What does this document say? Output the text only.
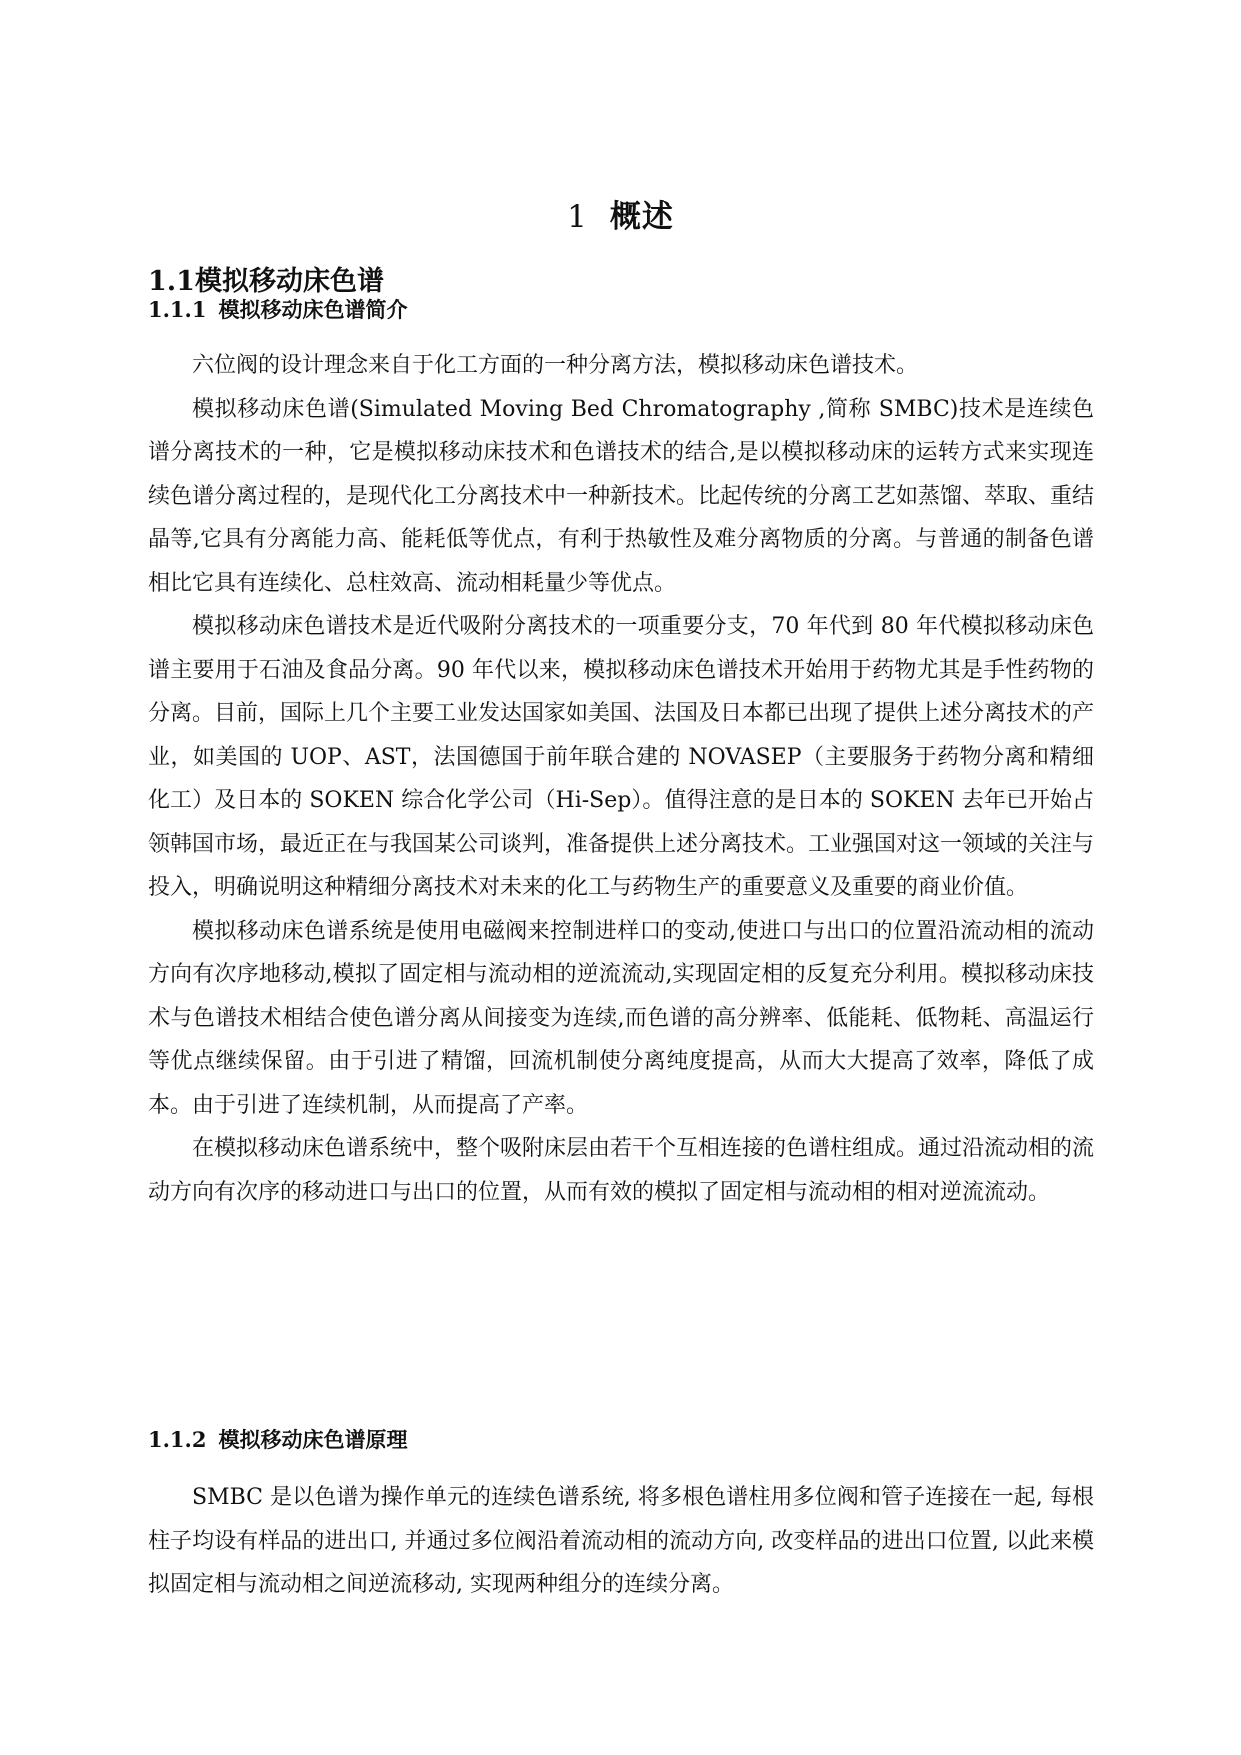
1 概述
1.1模拟移动床色谱
1.1.1 模拟移动床色谱简介

六位阀的设计理念来自于化工方面的一种分离方法，模拟移动床色谱技术。

模拟移动床色谱(Simulated Moving Bed Chromatography ,简称 SMBC)技术是连续色谱分离技术的一种，它是模拟移动床技术和色谱技术的结合,是以模拟移动床的运转方式来实现连续色谱分离过程的，是现代化工分离技术中一种新技术。比起传统的分离工艺如蒸馏、萃取、重结晶等,它具有分离能力高、能耗低等优点，有利于热敏性及难分离物质的分离。与普通的制备色谱相比它具有连续化、总柱效高、流动相耗量少等优点。

模拟移动床色谱技术是近代吸附分离技术的一项重要分支，70 年代到 80 年代模拟移动床色谱主要用于石油及食品分离。90 年代以来，模拟移动床色谱技术开始用于药物尤其是手性药物的分离。目前，国际上几个主要工业发达国家如美国、法国及日本都已出现了提供上述分离技术的产业，如美国的 UOP、AST，法国德国于前年联合建的 NOVASEP（主要服务于药物分离和精细化工）及日本的 SOKEN 综合化学公司（Hi-Sep）。值得注意的是日本的 SOKEN 去年已开始占领韩国市场，最近正在与我国某公司谈判，准备提供上述分离技术。工业强国对这一领域的关注与投入，明确说明这种精细分离技术对未来的化工与药物生产的重要意义及重要的商业价值。

模拟移动床色谱系统是使用电磁阀来控制进样口的变动,使进口与出口的位置沿流动相的流动方向有次序地移动,模拟了固定相与流动相的逆流流动,实现固定相的反复充分利用。模拟移动床技术与色谱技术相结合使色谱分离从间接变为连续,而色谱的高分辨率、低能耗、低物耗、高温运行等优点继续保留。由于引进了精馏，回流机制使分离纯度提高，从而大大提高了效率，降低了成本。由于引进了连续机制，从而提高了产率。

在模拟移动床色谱系统中，整个吸附床层由若干个互相连接的色谱柱组成。通过沿流动相的流动方向有次序的移动进口与出口的位置，从而有效的模拟了固定相与流动相的相对逆流流动。

1.1.2 模拟移动床色谱原理

SMBC 是以色谱为操作单元的连续色谱系统, 将多根色谱柱用多位阀和管子连接在一起, 每根柱子均设有样品的进出口, 并通过多位阀沿着流动相的流动方向, 改变样品的进出口位置, 以此来模拟固定相与流动相之间逆流移动, 实现两种组分的连续分离。
